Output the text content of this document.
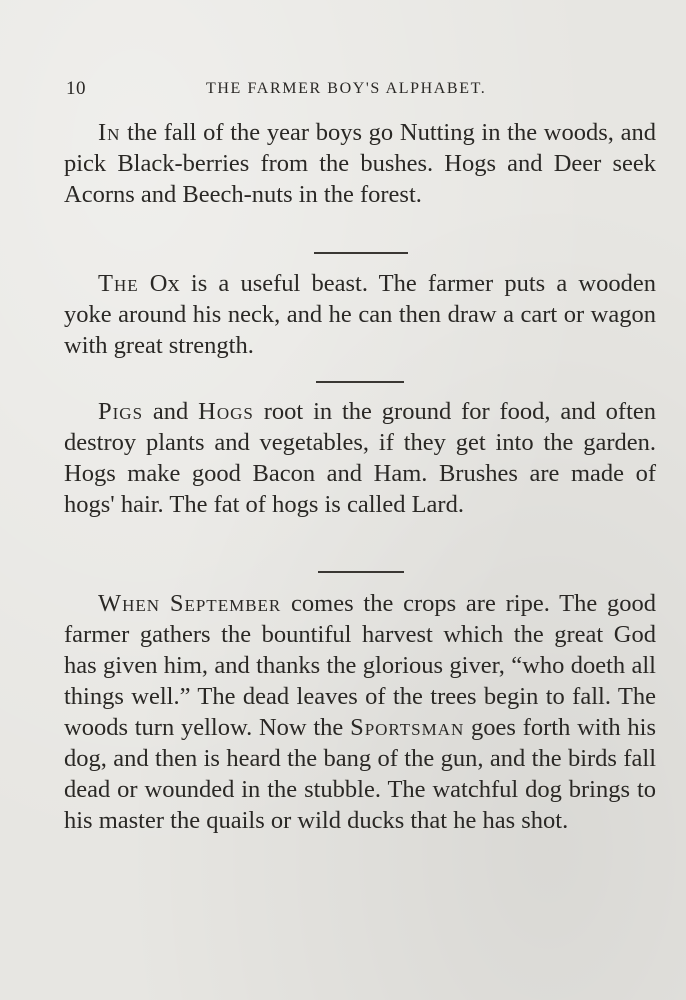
10	THE FARMER BOY'S ALPHABET.

In the fall of the year boys go Nutting in the woods, and pick Black-berries from the bushes. Hogs and Deer seek Acorns and Beech-nuts in the forest.

The Ox is a useful beast. The farmer puts a wooden yoke around his neck, and he can then draw a cart or wagon with great strength.

Pigs and Hogs root in the ground for food, and often destroy plants and vegetables, if they get into the garden. Hogs make good Bacon and Ham. Brushes are made of hogs' hair. The fat of hogs is called Lard.

When September comes the crops are ripe. The good farmer gathers the bountiful harvest which the great God has given him, and thanks the glorious giver, “who doeth all things well.” The dead leaves of the trees begin to fall. The woods turn yellow. Now the Sportsman goes forth with his dog, and then is heard the bang of the gun, and the birds fall dead or wounded in the stubble. The watchful dog brings to his master the quails or wild ducks that he has shot.
